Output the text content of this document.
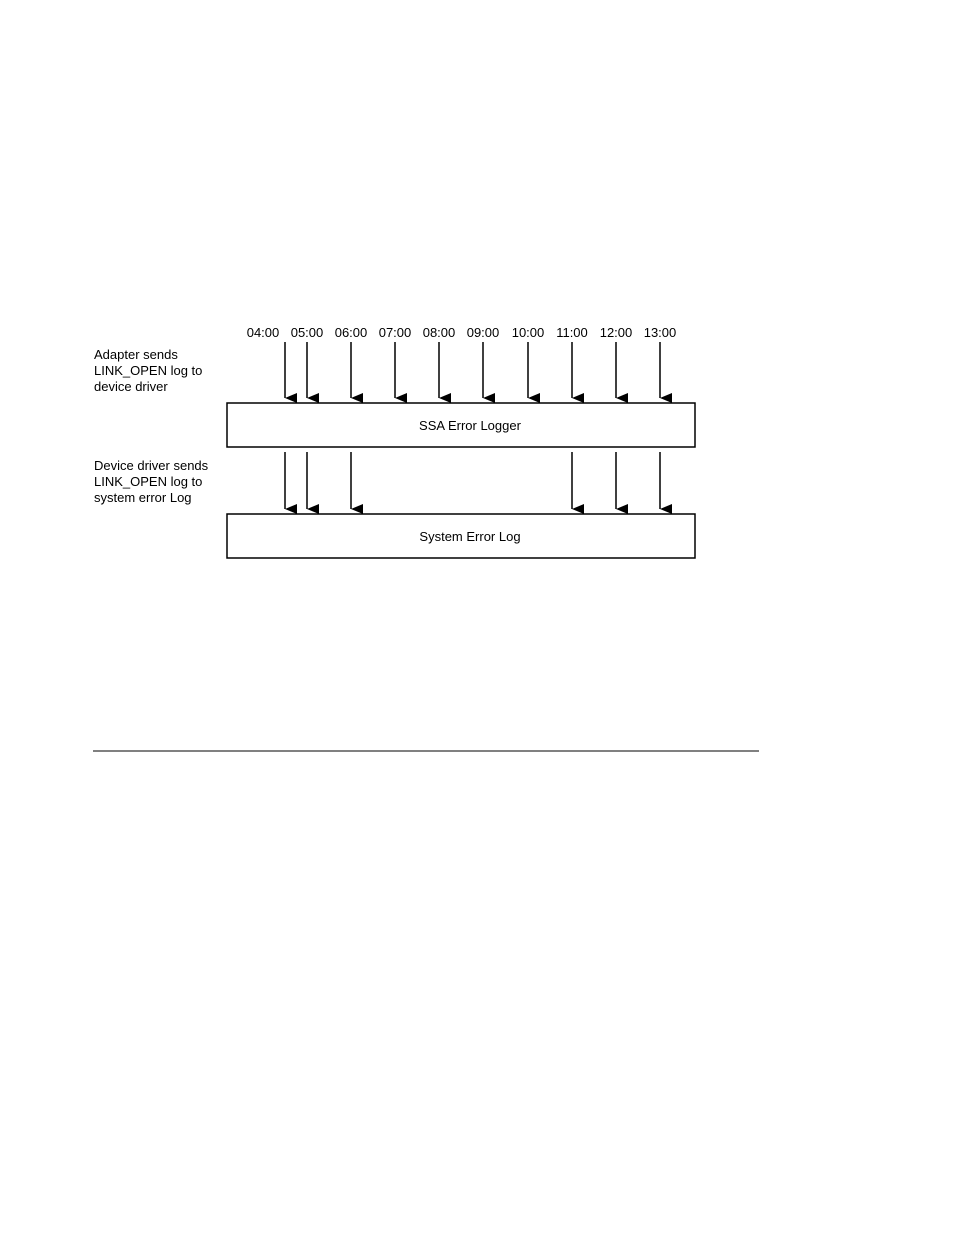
04:00 05:00 06:00 07:00 08:00 09:00 10:00 11:00 12:00 13:00
Adapter sends
LINK_OPEN log to
device driver
Device driver sends
LINK_OPEN log to
system error Log
SSA Error Logger
System Error Log
